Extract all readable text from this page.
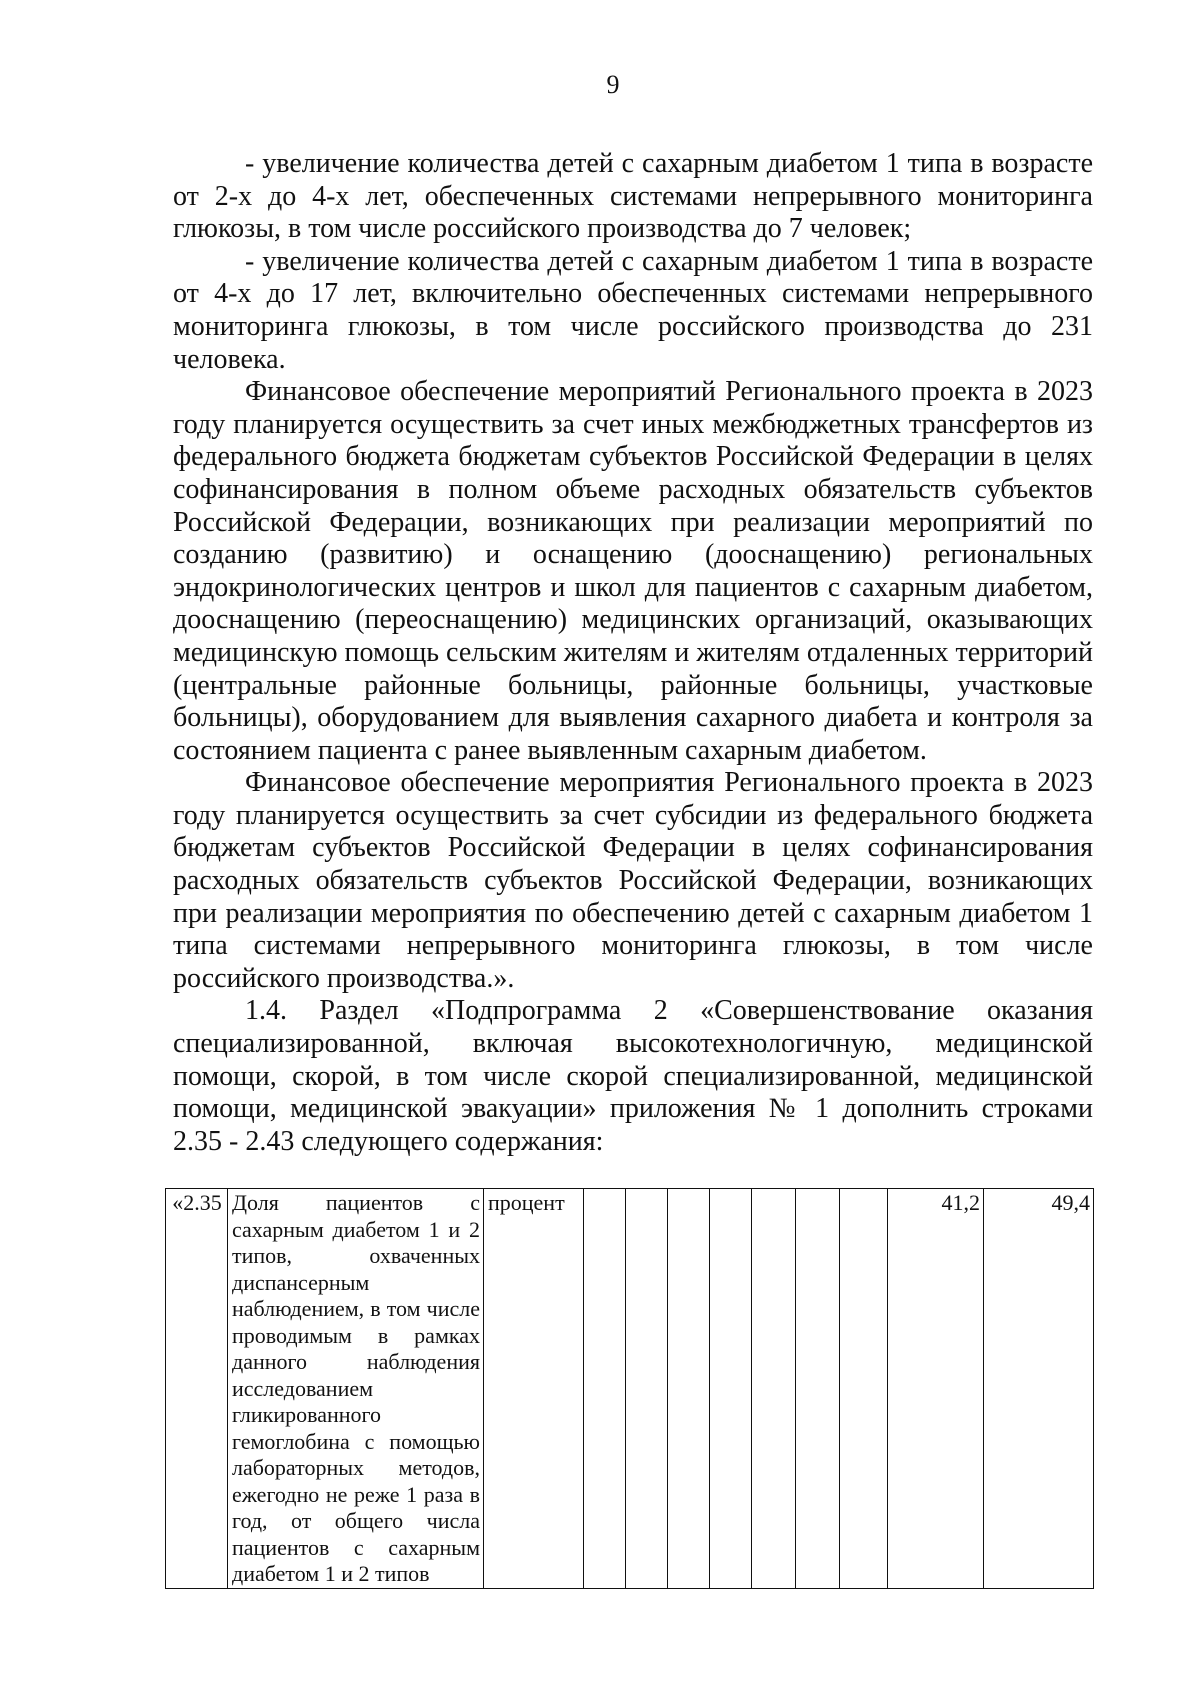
9

- увеличение количества детей с сахарным диабетом 1 типа в возрасте от 2-х до 4-х лет, обеспеченных системами непрерывного мониторинга глюкозы, в том числе российского производства до 7 человек;

- увеличение количества детей с сахарным диабетом 1 типа в возрасте от 4-х до 17 лет, включительно обеспеченных системами непрерывного мониторинга глюкозы, в том числе российского производства до 231 человека.

Финансовое обеспечение мероприятий Регионального проекта в 2023 году планируется осуществить за счет иных межбюджетных трансфертов из федерального бюджета бюджетам субъектов Российской Федерации в целях софинансирования в полном объеме расходных обязательств субъектов Российской Федерации, возникающих при реализации мероприятий по созданию (развитию) и оснащению (дооснащению) региональных эндокринологических центров и школ для пациентов с сахарным диабетом, дооснащению (переоснащению) медицинских организаций, оказывающих медицинскую помощь сельским жителям и жителям отдаленных территорий (центральные районные больницы, районные больницы, участковые больницы), оборудованием для выявления сахарного диабета и контроля за состоянием пациента с ранее выявленным сахарным диабетом.

Финансовое обеспечение мероприятия Регионального проекта в 2023 году планируется осуществить за счет субсидии из федерального бюджета бюджетам субъектов Российской Федерации в целях софинансирования расходных обязательств субъектов Российской Федерации, возникающих при реализации мероприятия по обеспечению детей с сахарным диабетом 1 типа системами непрерывного мониторинга глюкозы, в том числе российского производства.».

1.4. Раздел «Подпрограмма 2 «Совершенствование оказания специализированной, включая высокотехнологичную, медицинской помощи, скорой, в том числе скорой специализированной, медицинской помощи, медицинской эвакуации» приложения № 1 дополнить строками 2.35 - 2.43 следующего содержания:

«2.35	Доля пациентов с сахарным диабетом 1 и 2 типов, охваченных диспансерным наблюдением, в том числе проводимым в рамках данного наблюдения исследованием гликированного гемоглобина с помощью лабораторных методов, ежегодно не реже 1 раза в год, от общего числа пациентов с сахарным диабетом 1 и 2 типов	процент								41,2	49,4
